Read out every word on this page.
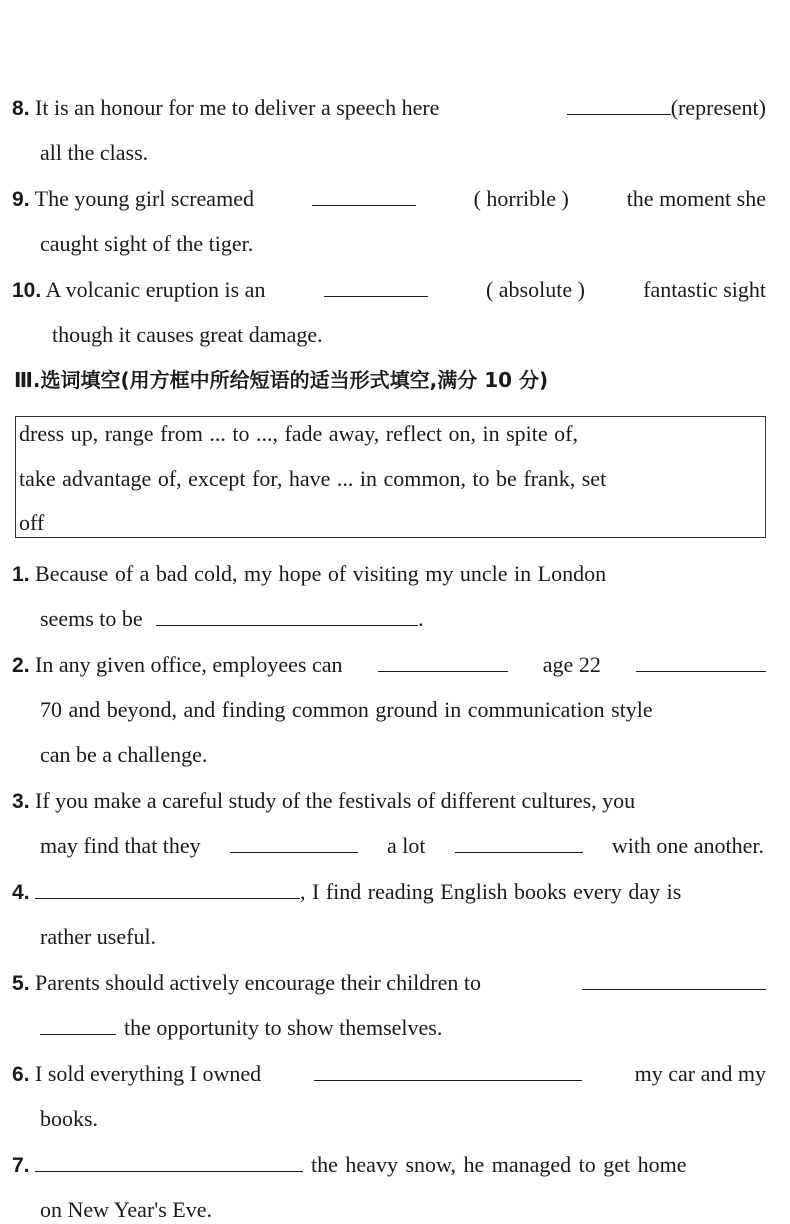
8. It is an honour for me to deliver a speech here	(represent)
all the class.
9. The young girl screamed	( horrible )	the moment she
caught sight of the tiger.
10. A volcanic eruption is an	( absolute )	fantastic sight
though it causes great damage.
Ⅲ.选词填空(用方框中所给短语的适当形式填空,满分 10 分)
dress up, range from ... to ..., fade away, reflect on, in spite of,
take advantage of, except for, have ... in common, to be frank, set
off
1. Because of a bad cold, my hope of visiting my uncle in London
seems to be	.
2. In any given office, employees can	age 22
70 and beyond, and finding common ground in communication style
can be a challenge.
3. If you make a careful study of the festivals of different cultures, you
may find that they	a lot	with one another.
4.	, I find reading English books every day is
rather useful.
5. Parents should actively encourage their children to
the opportunity to show themselves.
6. I sold everything I owned	my car and my
books.
7.	the heavy snow, he managed to get home
on New Year's Eve.
